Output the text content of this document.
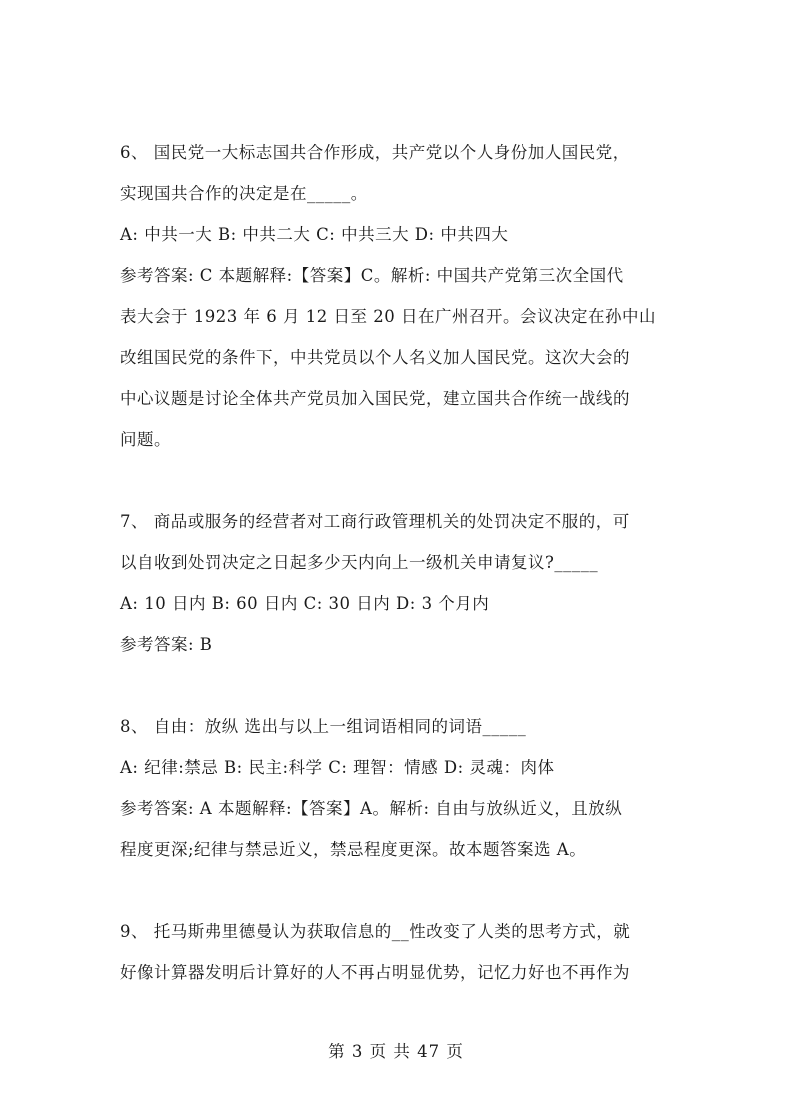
6、 国民党一大标志国共合作形成，共产党以个人身份加人国民党，
实现国共合作的决定是在_____。
A: 中共一大 B: 中共二大 C: 中共三大 D: 中共四大
参考答案: C 本题解释:【答案】C。解析: 中国共产党第三次全国代
表大会于 1923 年 6 月 12 日至 20 日在广州召开。会议决定在孙中山
改组国民党的条件下，中共党员以个人名义加人国民党。这次大会的
中心议题是讨论全体共产党员加入国民党，建立国共合作统一战线的
问题。
7、 商品或服务的经营者对工商行政管理机关的处罚决定不服的，可
以自收到处罚决定之日起多少天内向上一级机关申请复议?_____
A: 10 日内 B: 60 日内 C: 30 日内 D: 3 个月内
参考答案: B
8、 自由：放纵 选出与以上一组词语相同的词语_____
A: 纪律:禁忌 B: 民主:科学 C: 理智：情感 D: 灵魂：肉体
参考答案: A 本题解释:【答案】A。解析: 自由与放纵近义，且放纵
程度更深;纪律与禁忌近义，禁忌程度更深。故本题答案选 A。
9、 托马斯弗里德曼认为获取信息的__性改变了人类的思考方式，就
好像计算器发明后计算好的人不再占明显优势，记忆力好也不再作为
第 3 页 共 47 页
